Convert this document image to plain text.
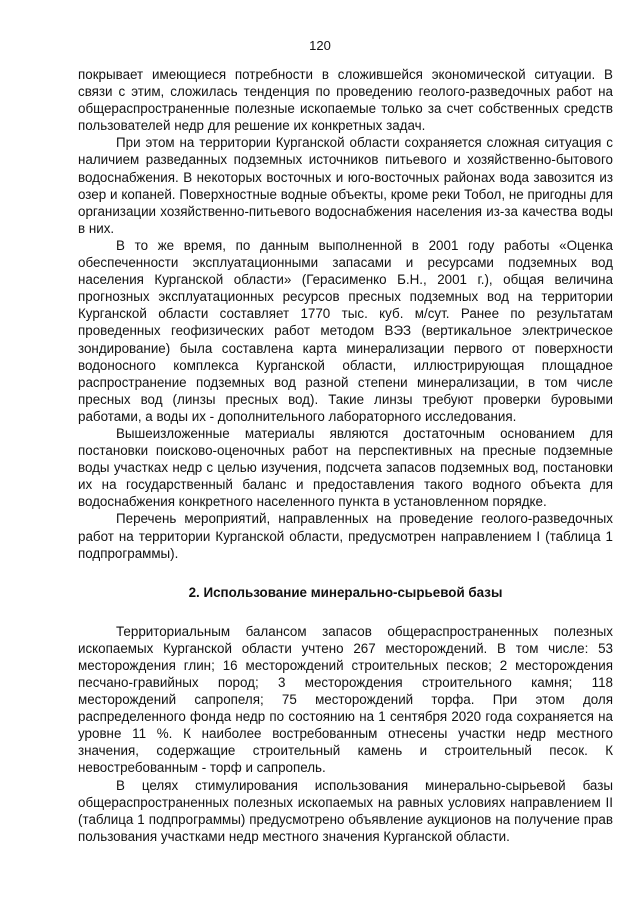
120

покрывает имеющиеся потребности в сложившейся экономической ситуации. В связи с этим, сложилась тенденция по проведению геолого-разведочных работ на общераспространенные полезные ископаемые только за счет собственных средств пользователей недр для решение их конкретных задач.

При этом на территории Курганской области сохраняется сложная ситуация с наличием разведанных подземных источников питьевого и хозяйственно-бытового водоснабжения. В некоторых восточных и юго-восточных районах вода завозится из озер и копаней. Поверхностные водные объекты, кроме реки Тобол, не пригодны для организации хозяйственно-питьевого водоснабжения населения из-за качества воды в них.

В то же время, по данным выполненной в 2001 году работы «Оценка обеспеченности эксплуатационными запасами и ресурсами подземных вод населения Курганской области» (Герасименко Б.Н., 2001 г.), общая величина прогнозных эксплуатационных ресурсов пресных подземных вод на территории Курганской области составляет 1770 тыс. куб. м/сут. Ранее по результатам проведенных геофизических работ методом ВЭЗ (вертикальное электрическое зондирование) была составлена карта минерализации первого от поверхности водоносного комплекса Курганской области, иллюстрирующая площадное распространение подземных вод разной степени минерализации, в том числе пресных вод (линзы пресных вод). Такие линзы требуют проверки буровыми работами, а воды их - дополнительного лабораторного исследования.

Вышеизложенные материалы являются достаточным основанием для постановки поисково-оценочных работ на перспективных на пресные подземные воды участках недр с целью изучения, подсчета запасов подземных вод, постановки их на государственный баланс и предоставления такого водного объекта для водоснабжения конкретного населенного пункта в установленном порядке.

Перечень мероприятий, направленных на проведение геолого-разведочных работ на территории Курганской области, предусмотрен направлением I (таблица 1 подпрограммы).

2. Использование минерально-сырьевой базы

Территориальным балансом запасов общераспространенных полезных ископаемых Курганской области учтено 267 месторождений. В том числе: 53 месторождения глин; 16 месторождений строительных песков; 2 месторождения песчано-гравийных пород; 3 месторождения строительного камня; 118 месторождений сапропеля; 75 месторождений торфа. При этом доля распределенного фонда недр по состоянию на 1 сентября 2020 года сохраняется на уровне 11 %. К наиболее востребованным отнесены участки недр местного значения, содержащие строительный камень и строительный песок. К невостребованным - торф и сапропель.

В целях стимулирования использования минерально-сырьевой базы общераспространенных полезных ископаемых на равных условиях направлением II (таблица 1 подпрограммы) предусмотрено объявление аукционов на получение прав пользования участками недр местного значения Курганской области.
